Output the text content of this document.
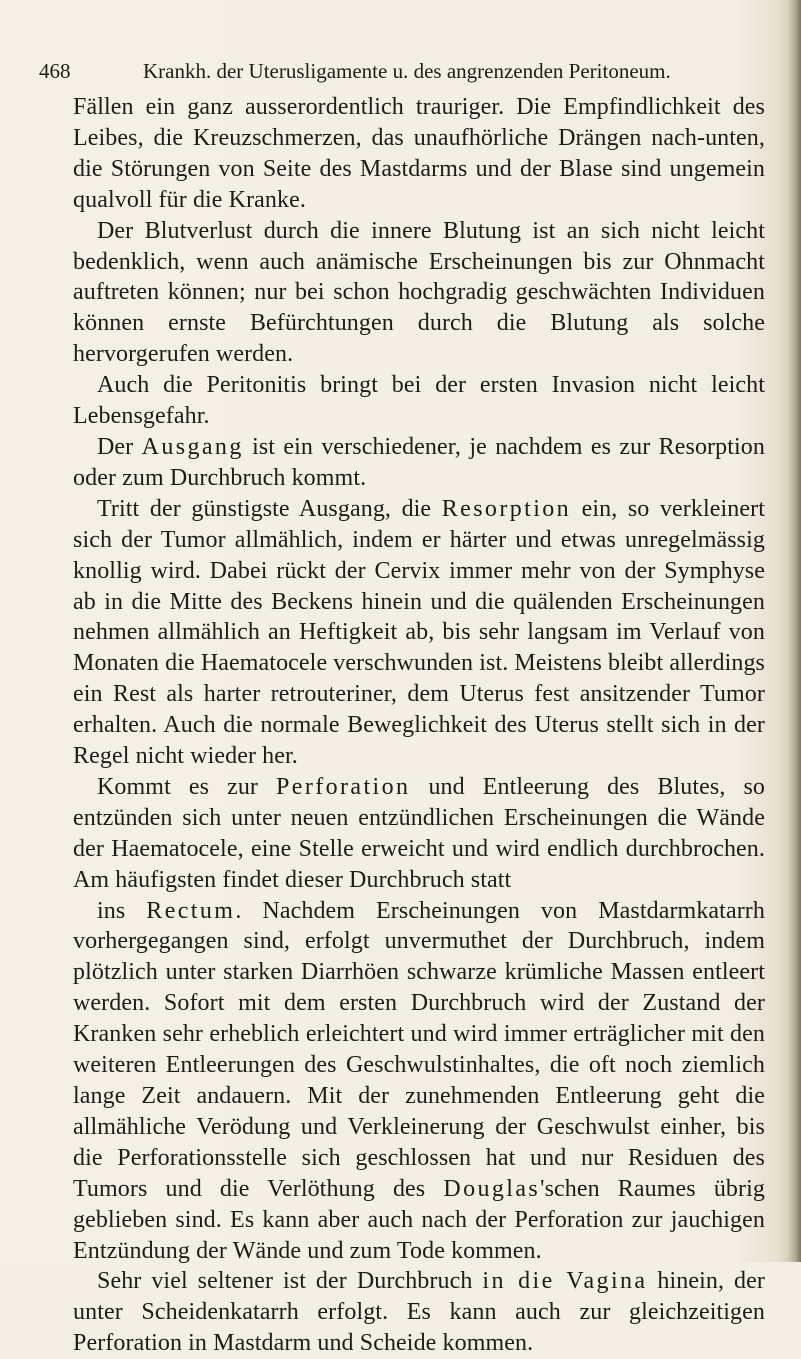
468	Krankh. der Uterusligamente u. des angrenzenden Peritoneum.

Fällen ein ganz ausserordentlich trauriger. Die Empfindlichkeit des Leibes, die Kreuzschmerzen, das unaufhörliche Drängen nach-unten, die Störungen von Seite des Mastdarms und der Blase sind ungemein qualvoll für die Kranke.

Der Blutverlust durch die innere Blutung ist an sich nicht leicht bedenklich, wenn auch anämische Erscheinungen bis zur Ohnmacht auftreten können; nur bei schon hochgradig geschwächten Individuen können ernste Befürchtungen durch die Blutung als solche hervorgerufen werden.

Auch die Peritonitis bringt bei der ersten Invasion nicht leicht Lebensgefahr.

Der Ausgang ist ein verschiedener, je nachdem es zur Resorption oder zum Durchbruch kommt.

Tritt der günstigste Ausgang, die Resorption ein, so verkleinert sich der Tumor allmählich, indem er härter und etwas unregelmässig knollig wird. Dabei rückt der Cervix immer mehr von der Symphyse ab in die Mitte des Beckens hinein und die quälenden Erscheinungen nehmen allmählich an Heftigkeit ab, bis sehr langsam im Verlauf von Monaten die Haematocele verschwunden ist. Meistens bleibt allerdings ein Rest als harter retrouteriner, dem Uterus fest ansitzender Tumor erhalten. Auch die normale Beweglichkeit des Uterus stellt sich in der Regel nicht wieder her.

Kommt es zur Perforation und Entleerung des Blutes, so entzünden sich unter neuen entzündlichen Erscheinungen die Wände der Haematocele, eine Stelle erweicht und wird endlich durchbrochen. Am häufigsten findet dieser Durchbruch statt

ins Rectum. Nachdem Erscheinungen von Mastdarmkatarrh vorhergegangen sind, erfolgt unvermuthet der Durchbruch, indem plötzlich unter starken Diarrhöen schwarze krümliche Massen entleert werden. Sofort mit dem ersten Durchbruch wird der Zustand der Kranken sehr erheblich erleichtert und wird immer erträglicher mit den weiteren Entleerungen des Geschwulstinhaltes, die oft noch ziemlich lange Zeit andauern. Mit der zunehmenden Entleerung geht die allmähliche Verödung und Verkleinerung der Geschwulst einher, bis die Perforationsstelle sich geschlossen hat und nur Residuen des Tumors und die Verlöthung des Douglas'schen Raumes übrig geblieben sind. Es kann aber auch nach der Perforation zur jauchigen Entzündung der Wände und zum Tode kommen.

Sehr viel seltener ist der Durchbruch in die Vagina hinein, der unter Scheidenkatarrh erfolgt. Es kann auch zur gleichzeitigen Perforation in Mastdarm und Scheide kommen.
